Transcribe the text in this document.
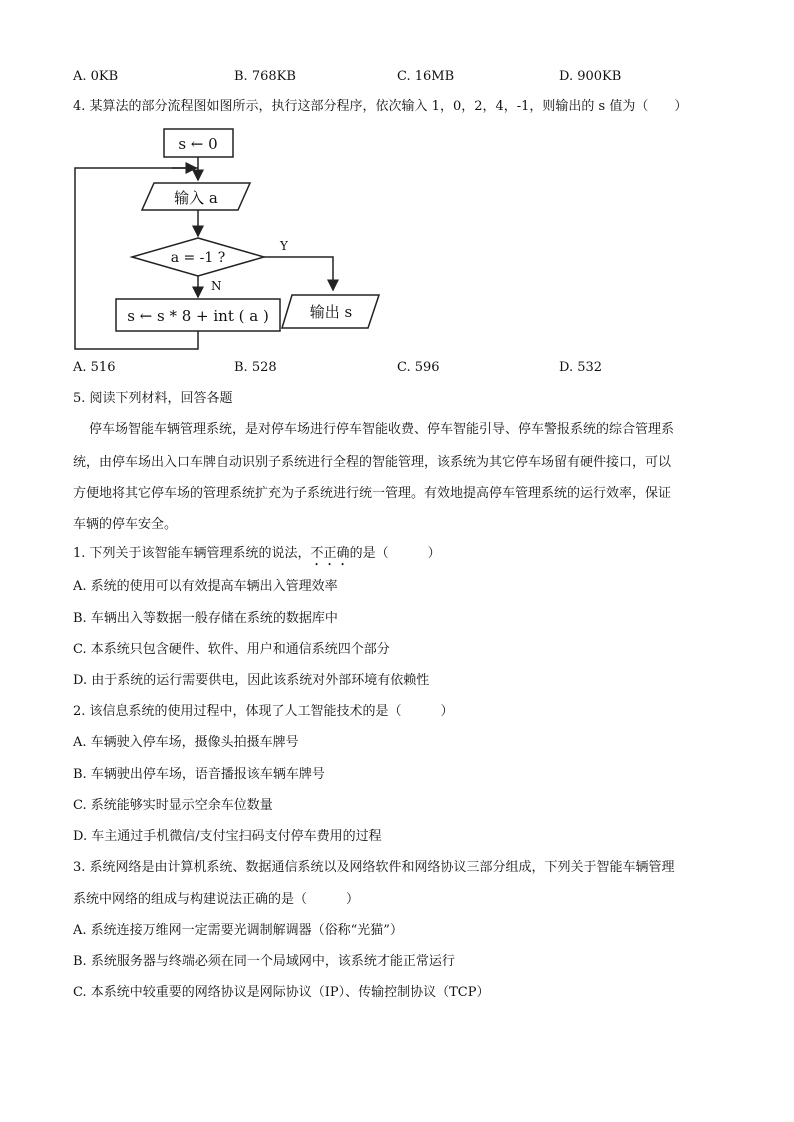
A. 0KB	B. 768KB	C. 16MB	D. 900KB
4. 某算法的部分流程图如图所示，执行这部分程序，依次输入 1，0，2，4，-1，则输出的 s 值为（　　）
s ← 0
输入 a
a = -1 ?
Y
N
s ← s * 8 + int ( a )	输出 s
A. 516	B. 528	C. 596	D. 532
5. 阅读下列材料，回答各题
停车场智能车辆管理系统，是对停车场进行停车智能收费、停车智能引导、停车警报系统的综合管理系
统，由停车场出入口车牌自动识别子系统进行全程的智能管理，该系统为其它停车场留有硬件接口，可以
方便地将其它停车场的管理系统扩充为子系统进行统一管理。有效地提高停车管理系统的运行效率，保证
车辆的停车安全。
1. 下列关于该智能车辆管理系统的说法，不正确的是（　　　）
A. 系统的使用可以有效提高车辆出入管理效率
B. 车辆出入等数据一般存储在系统的数据库中
C. 本系统只包含硬件、软件、用户和通信系统四个部分
D. 由于系统的运行需要供电，因此该系统对外部环境有依赖性
2. 该信息系统的使用过程中，体现了人工智能技术的是（　　　）
A. 车辆驶入停车场，摄像头拍摄车牌号
B. 车辆驶出停车场，语音播报该车辆车牌号
C. 系统能够实时显示空余车位数量
D. 车主通过手机微信/支付宝扫码支付停车费用的过程
3. 系统网络是由计算机系统、数据通信系统以及网络软件和网络协议三部分组成，下列关于智能车辆管理
系统中网络的组成与构建说法正确的是（　　　）
A. 系统连接万维网一定需要光调制解调器（俗称“光猫”）
B. 系统服务器与终端必须在同一个局域网中，该系统才能正常运行
C. 本系统中较重要的网络协议是网际协议（IP）、传输控制协议（TCP）
